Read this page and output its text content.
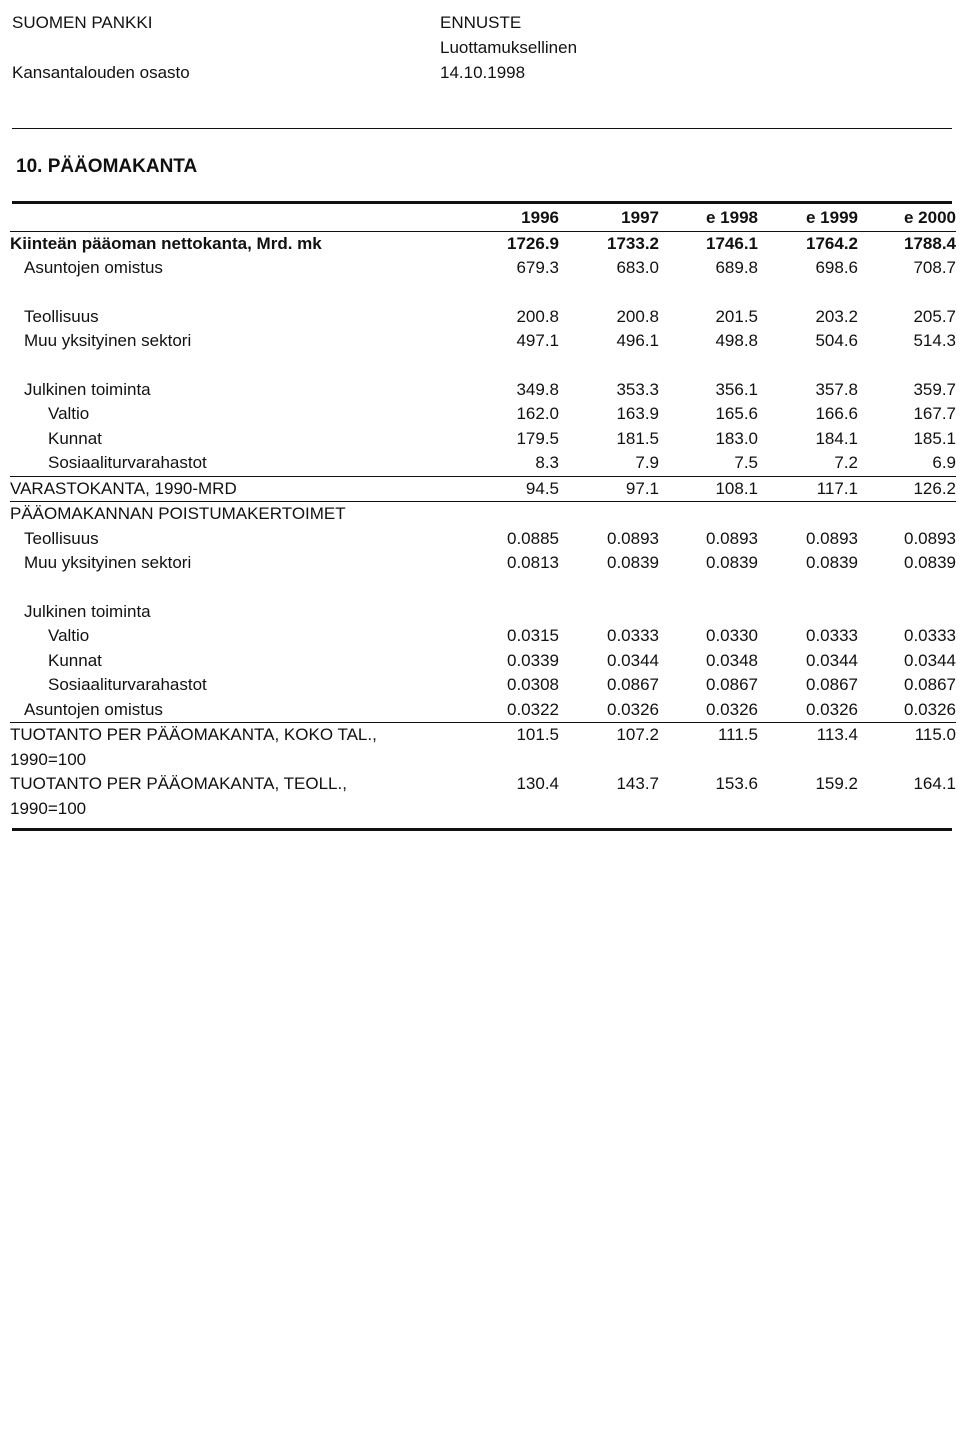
SUOMEN PANKKI
Kansantalouden osasto
ENNUSTE
Luottamuksellinen
14.10.1998
10. PÄÄOMAKANTA
	1996	1997	e 1998	e 1999	e 2000
Kiinteän pääoman nettokanta, Mrd. mk	1726.9	1733.2	1746.1	1764.2	1788.4
Asuntojen omistus	679.3	683.0	689.8	698.6	708.7

Teollisuus	200.8	200.8	201.5	203.2	205.7
Muu yksityinen sektori	497.1	496.1	498.8	504.6	514.3

Julkinen toiminta	349.8	353.3	356.1	357.8	359.7
Valtio	162.0	163.9	165.6	166.6	167.7
Kunnat	179.5	181.5	183.0	184.1	185.1
Sosiaaliturvarahastot	8.3	7.9	7.5	7.2	6.9
VARASTOKANTA, 1990-MRD	94.5	97.1	108.1	117.1	126.2
PÄÄOMAKANNAN POISTUMAKERTOIMET					
Teollisuus	0.0885	0.0893	0.0893	0.0893	0.0893
Muu yksityinen sektori	0.0813	0.0839	0.0839	0.0839	0.0839

Julkinen toiminta					
Valtio	0.0315	0.0333	0.0330	0.0333	0.0333
Kunnat	0.0339	0.0344	0.0348	0.0344	0.0344
Sosiaaliturvarahastot	0.0308	0.0867	0.0867	0.0867	0.0867
Asuntojen omistus	0.0322	0.0326	0.0326	0.0326	0.0326

TUOTANTO PER PÄÄOMAKANTA, KOKO TAL.,
1990=100	101.5	107.2	111.5	113.4	115.0

TUOTANTO PER PÄÄOMAKANTA, TEOLL.,
1990=100	130.4	143.7	153.6	159.2	164.1
